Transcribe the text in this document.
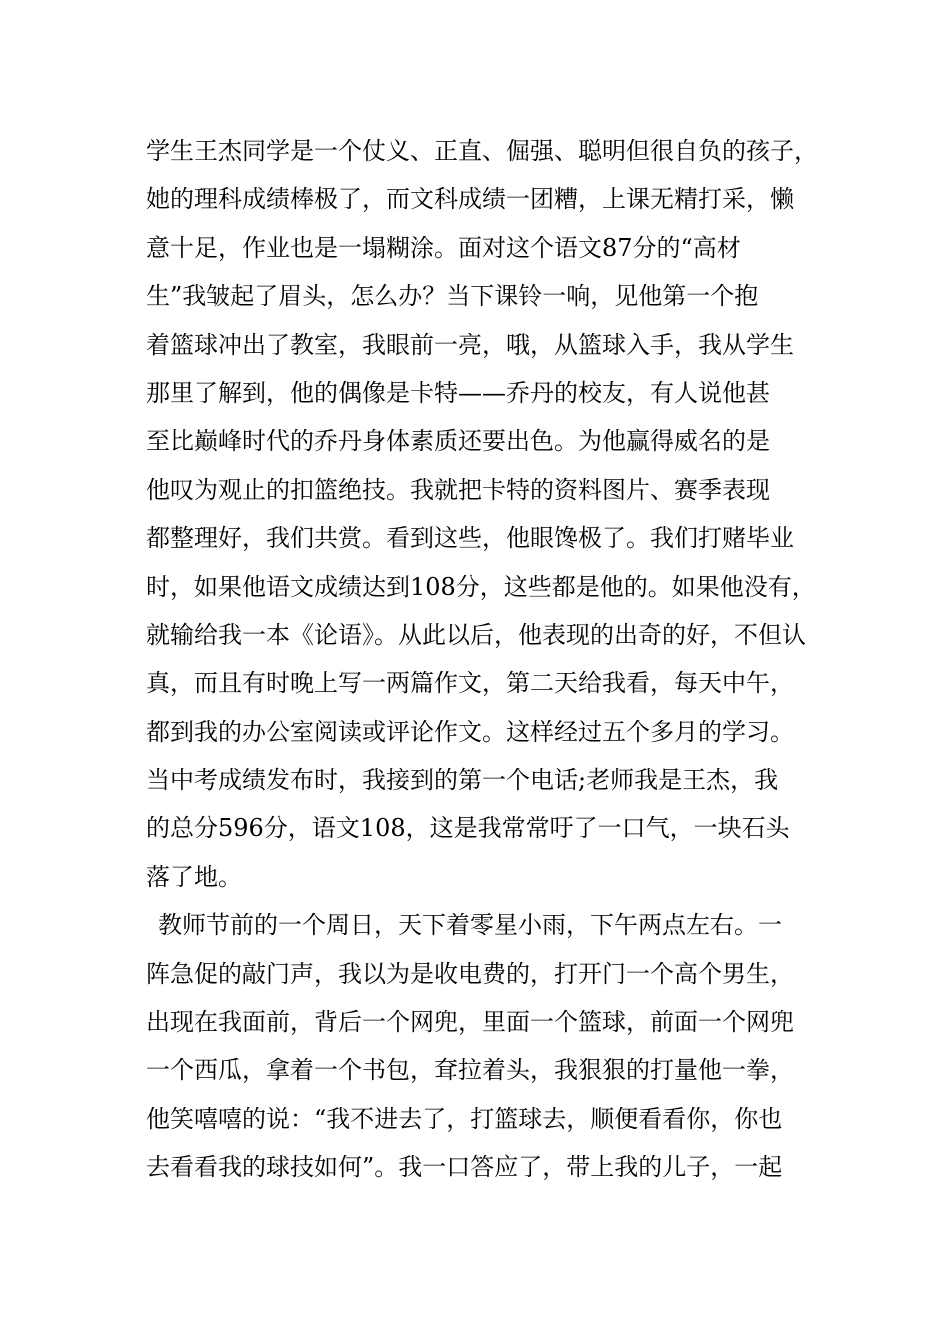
学生王杰同学是一个仗义、正直、倔强、聪明但很自负的孩子，
她的理科成绩棒极了，而文科成绩一团糟，上课无精打采，懒
意十足，作业也是一塌糊涂。面对这个语文87分的“高材
生”我皱起了眉头，怎么办？当下课铃一响，见他第一个抱
着篮球冲出了教室，我眼前一亮，哦，从篮球入手，我从学生
那里了解到，他的偶像是卡特——乔丹的校友，有人说他甚
至比巅峰时代的乔丹身体素质还要出色。为他赢得威名的是
他叹为观止的扣篮绝技。我就把卡特的资料图片、赛季表现
都整理好，我们共赏。看到这些，他眼馋极了。我们打赌毕业
时，如果他语文成绩达到108分，这些都是他的。如果他没有，
就输给我一本《论语》。从此以后，他表现的出奇的好，不但认
真，而且有时晚上写一两篇作文，第二天给我看，每天中午，
都到我的办公室阅读或评论作文。这样经过五个多月的学习。
当中考成绩发布时，我接到的第一个电话;老师我是王杰，我
的总分596分，语文108，这是我常常吁了一口气，一块石头
落了地。
教师节前的一个周日，天下着零星小雨，下午两点左右。一
阵急促的敲门声，我以为是收电费的，打开门一个高个男生，
出现在我面前，背后一个网兜，里面一个篮球，前面一个网兜
一个西瓜，拿着一个书包，耷拉着头，我狠狠的打量他一拳，
他笑嘻嘻的说：“我不进去了，打篮球去，顺便看看你，你也
去看看我的球技如何”。我一口答应了，带上我的儿子，一起
